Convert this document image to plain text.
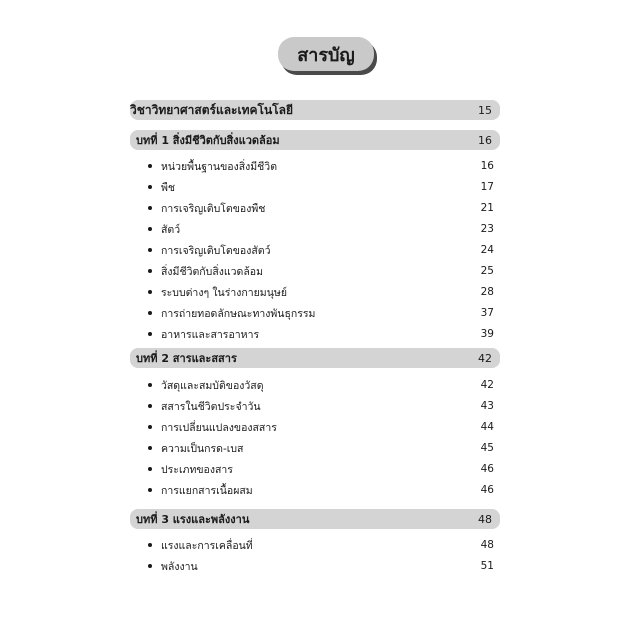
สารบัญ
วิชาวิทยาศาสตร์และเทคโนโลยี	15
บทที่ 1 สิ่งมีชีวิตกับสิ่งแวดล้อม	16
หน่วยพื้นฐานของสิ่งมีชีวิต	16
พืช	17
การเจริญเติบโตของพืช	21
สัตว์	23
การเจริญเติบโตของสัตว์	24
สิ่งมีชีวิตกับสิ่งแวดล้อม	25
ระบบต่างๆ ในร่างกายมนุษย์	28
การถ่ายทอดลักษณะทางพันธุกรรม	37
อาหารและสารอาหาร	39
บทที่ 2 สารและสสาร	42
วัสดุและสมบัติของวัสดุ	42
สสารในชีวิตประจำวัน	43
การเปลี่ยนแปลงของสสาร	44
ความเป็นกรด-เบส	45
ประเภทของสาร	46
การแยกสารเนื้อผสม	46
บทที่ 3 แรงและพลังงาน	48
แรงและการเคลื่อนที่	48
พลังงาน	51
